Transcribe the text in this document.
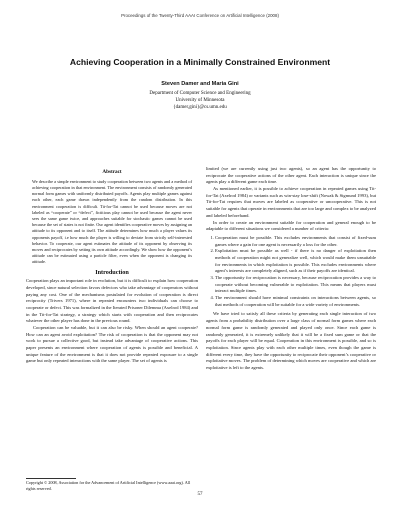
Proceedings of the Twenty-Third AAAI Conference on Artificial Intelligence (2008)
Achieving Cooperation in a Minimally Constrained Environment
Steven Damer and Maria Gini
Department of Computer Science and Engineering
University of Minnesota
{damer,gini}@cs.umn.edu
Abstract

We describe a simple environment to study cooperation between two agents and a method of achieving cooperation in that environment. The environment consists of randomly generated normal form games with uniformly distributed payoffs. Agents play multiple games against each other, each game drawn independently from the random distribution. In this environment cooperation is difficult. Tit-for-Tat cannot be used because moves are not labeled as “cooperate” or “defect”, fictitious play cannot be used because the agent never sees the same game twice, and approaches suitable for stochastic games cannot be used because the set of states is not finite. Our agent identifies cooperative moves by assigning an attitude to its opponent and to itself. The attitude determines how much a player values its opponents payoff, i.e how much the player is willing to deviate from strictly self-interested behavior. To cooperate, our agent estimates the attitude of its opponent by observing its moves and reciprocates by setting its own attitude accordingly. We show how the opponent’s attitude can be estimated using a particle filter, even when the opponent is changing its attitude.

Introduction

Cooperation plays an important role in evolution, but it is difficult to explain how cooperation developed, since natural selection favors defectors who take advantage of cooperators without paying any cost. One of the mechanisms postulated for evolution of cooperation is direct reciprocity (Trivers 1971), where in repeated encounters two individuals can choose to cooperate or defect. This was formalized in the Iterated Prisoner Dilemma (Axelrod 1984) and in the Tit-for-Tat strategy, a strategy which starts with cooperation and then reciprocates whatever the other player has done in the previous round.

Cooperation can be valuable, but it can also be risky. When should an agent cooperate? How can an agent avoid exploitation? The risk of cooperation is that the opponent may not work to pursue a collective good, but instead take advantage of cooperative actions. This paper presents an environment where cooperation of agents is possible and beneficial. A unique feature of the environment is that it does not provide repeated exposure to a single game but only repeated interactions with the same player. The set of agents is

Copyright © 2008, Association for the Advancement of Artificial Intelligence (www.aaai.org). All rights reserved.

limited (we are currently using just two agents), so an agent has the opportunity to reciprocate the cooperative actions of the other agent. Each interaction is unique since the agents play a different game each time.

As mentioned earlier, it is possible to achieve cooperation in repeated games using Tit-for-Tat (Axelrod 1984) or variants such as win-stay lose-shift (Nowak & Sigmund 1993), but Tit-for-Tat requires that moves are labeled as cooperative or uncooperative. This is not suitable for agents that operate in environments that are too large and complex to be analyzed and labeled beforehand.

In order to create an environment suitable for cooperation and general enough to be adaptable to different situations we considered a number of criteria:

1. Cooperation must be possible. This excludes environments that consist of fixed-sum games where a gain for one agent is necessarily a loss for the other.
2. Exploitation must be possible as well - if there is no danger of exploitation then methods of cooperation might not generalize well, which would make them unsuitable for environments in which exploitation is possible. This excludes environments where agent’s interests are completely aligned, such as if their payoffs are identical.
3. The opportunity for reciprocation is necessary, because reciprocation provides a way to cooperate without becoming vulnerable to exploitation. This means that players must interact multiple times.
4. The environment should have minimal constraints on interactions between agents, so that methods of cooperation will be suitable for a wide variety of environments.

We have tried to satisfy all these criteria by generating each single interaction of two agents from a probability distribution over a large class of normal form games where each normal form game is randomly generated and played only once. Since each game is randomly generated, it is extremely unlikely that it will be a fixed sum game or that the payoffs for each player will be equal. Cooperation in this environment is possible, and so is exploitation. Since agents play with each other multiple times, even though the game is different every time, they have the opportunity to reciprocate their opponent’s cooperative or exploitative moves. The problem of determining which moves are cooperative and which are exploitative is left to the agents.

57
